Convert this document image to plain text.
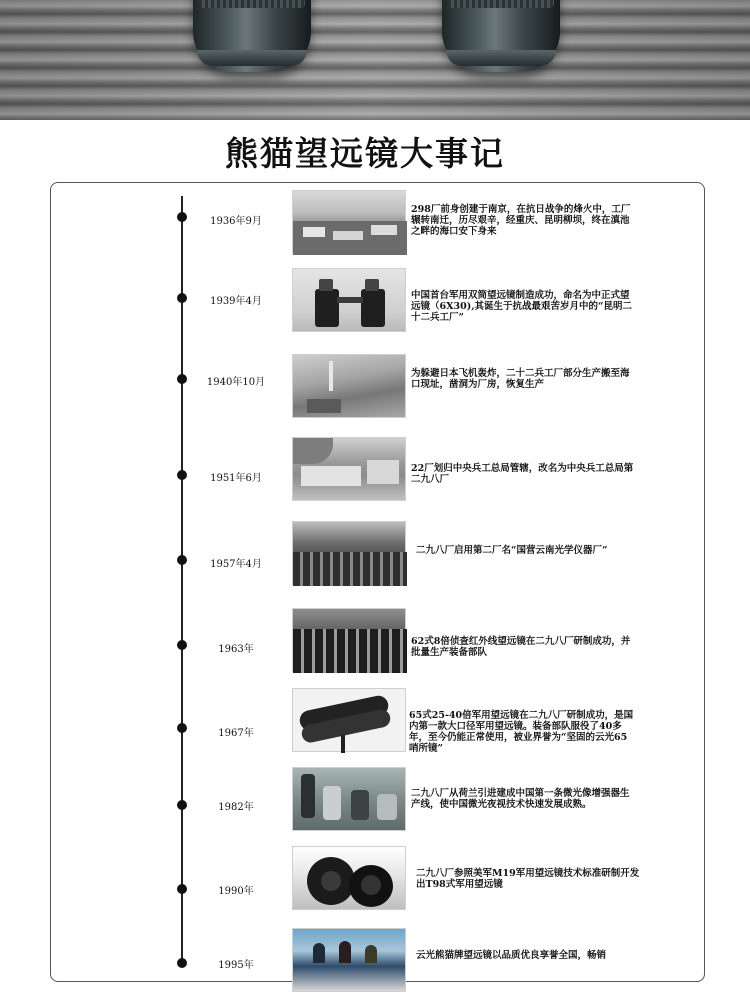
熊猫望远镜大事记
1936年9月
298厂前身创建于南京，在抗日战争的烽火中，工厂辗转南迁，历尽艰辛，经重庆、昆明柳坝，终在滇池之畔的海口安下身来
1939年4月
中国首台军用双筒望远镜制造成功，命名为中正式望远镜（6X30),其诞生于抗战最艰苦岁月中的“昆明二十二兵工厂”
1940年10月
为躲避日本飞机轰炸，二十二兵工厂部分生产搬至海口现址，凿洞为厂房，恢复生产
1951年6月
22厂划归中央兵工总局管辖，改名为中央兵工总局第二九八厂
1957年4月
二九八厂启用第二厂名“国营云南光学仪器厂”
1963年
62式8倍侦查红外线望远镜在二九八厂研制成功，并批量生产装备部队
1967年
65式25-40倍军用望远镜在二九八厂研制成功，是国内第一款大口径军用望远镜。装备部队服役了40多年，至今仍能正常使用，被业界誉为“坚固的云光65哨所镜”
1982年
二九八厂从荷兰引进建成中国第一条微光像增强器生产线，使中国微光夜视技术快速发展成熟。
1990年
二九八厂参照美军M19军用望远镜技术标准研制开发出T98式军用望远镜
1995年
云光熊猫牌望远镜以品质优良享誉全国，畅销
